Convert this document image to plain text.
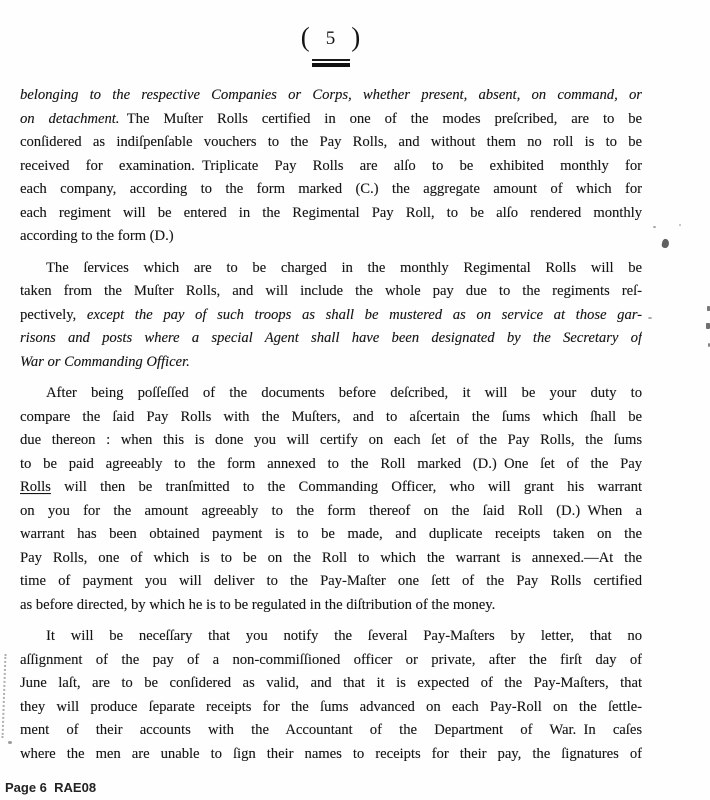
( 5 )
belonging to the respective Companies or Corps, whether present, absent, on command, or
on detachment. The Muſter Rolls certified in one of the modes preſcribed, are to be
conſidered as indiſpenſable vouchers to the Pay Rolls, and without them no roll is to be
received for examination. Triplicate Pay Rolls are alſo to be exhibited monthly for
each company, according to the form marked (C.) the aggregate amount of which for
each regiment will be entered in the Regimental Pay Roll, to be alſo rendered monthly
according to the form (D.)
The ſervices which are to be charged in the monthly Regimental Rolls will be
taken from the Muſter Rolls, and will include the whole pay due to the regiments reſ-
pectively, except the pay of such troops as shall be mustered as on service at those gar-
risons and posts where a special Agent shall have been designated by the Secretary of
War or Commanding Officer.
After being poſſeſſed of the documents before deſcribed, it will be your duty to
compare the ſaid Pay Rolls with the Muſters, and to aſcertain the ſums which ſhall be
due thereon : when this is done you will certify on each ſet of the Pay Rolls, the ſums
to be paid agreeably to the form annexed to the Roll marked (D.) One ſet of the Pay
Rolls will then be tranſmitted to the Commanding Officer, who will grant his warrant
on you for the amount agreeably to the form thereof on the ſaid Roll (D.) When a
warrant has been obtained payment is to be made, and duplicate receipts taken on the
Pay Rolls, one of which is to be on the Roll to which the warrant is annexed.—At the
time of payment you will deliver to the Pay-Maſter one ſett of the Pay Rolls certified
as before directed, by which he is to be regulated in the diſtribution of the money.
It will be neceſſary that you notify the ſeveral Pay-Maſters by letter, that no
aſſignment of the pay of a non-commiſſioned officer or private, after the firſt day of
June laſt, are to be conſidered as valid, and that it is expected of the Pay-Maſters, that
they will produce ſeparate receipts for the ſums advanced on each Pay-Roll on the ſettle-
ment of their accounts with the Accountant of the Department of War. In caſes
where the men are unable to ſign their names to receipts for their pay, the ſignatures of
Page 6  RAE08
